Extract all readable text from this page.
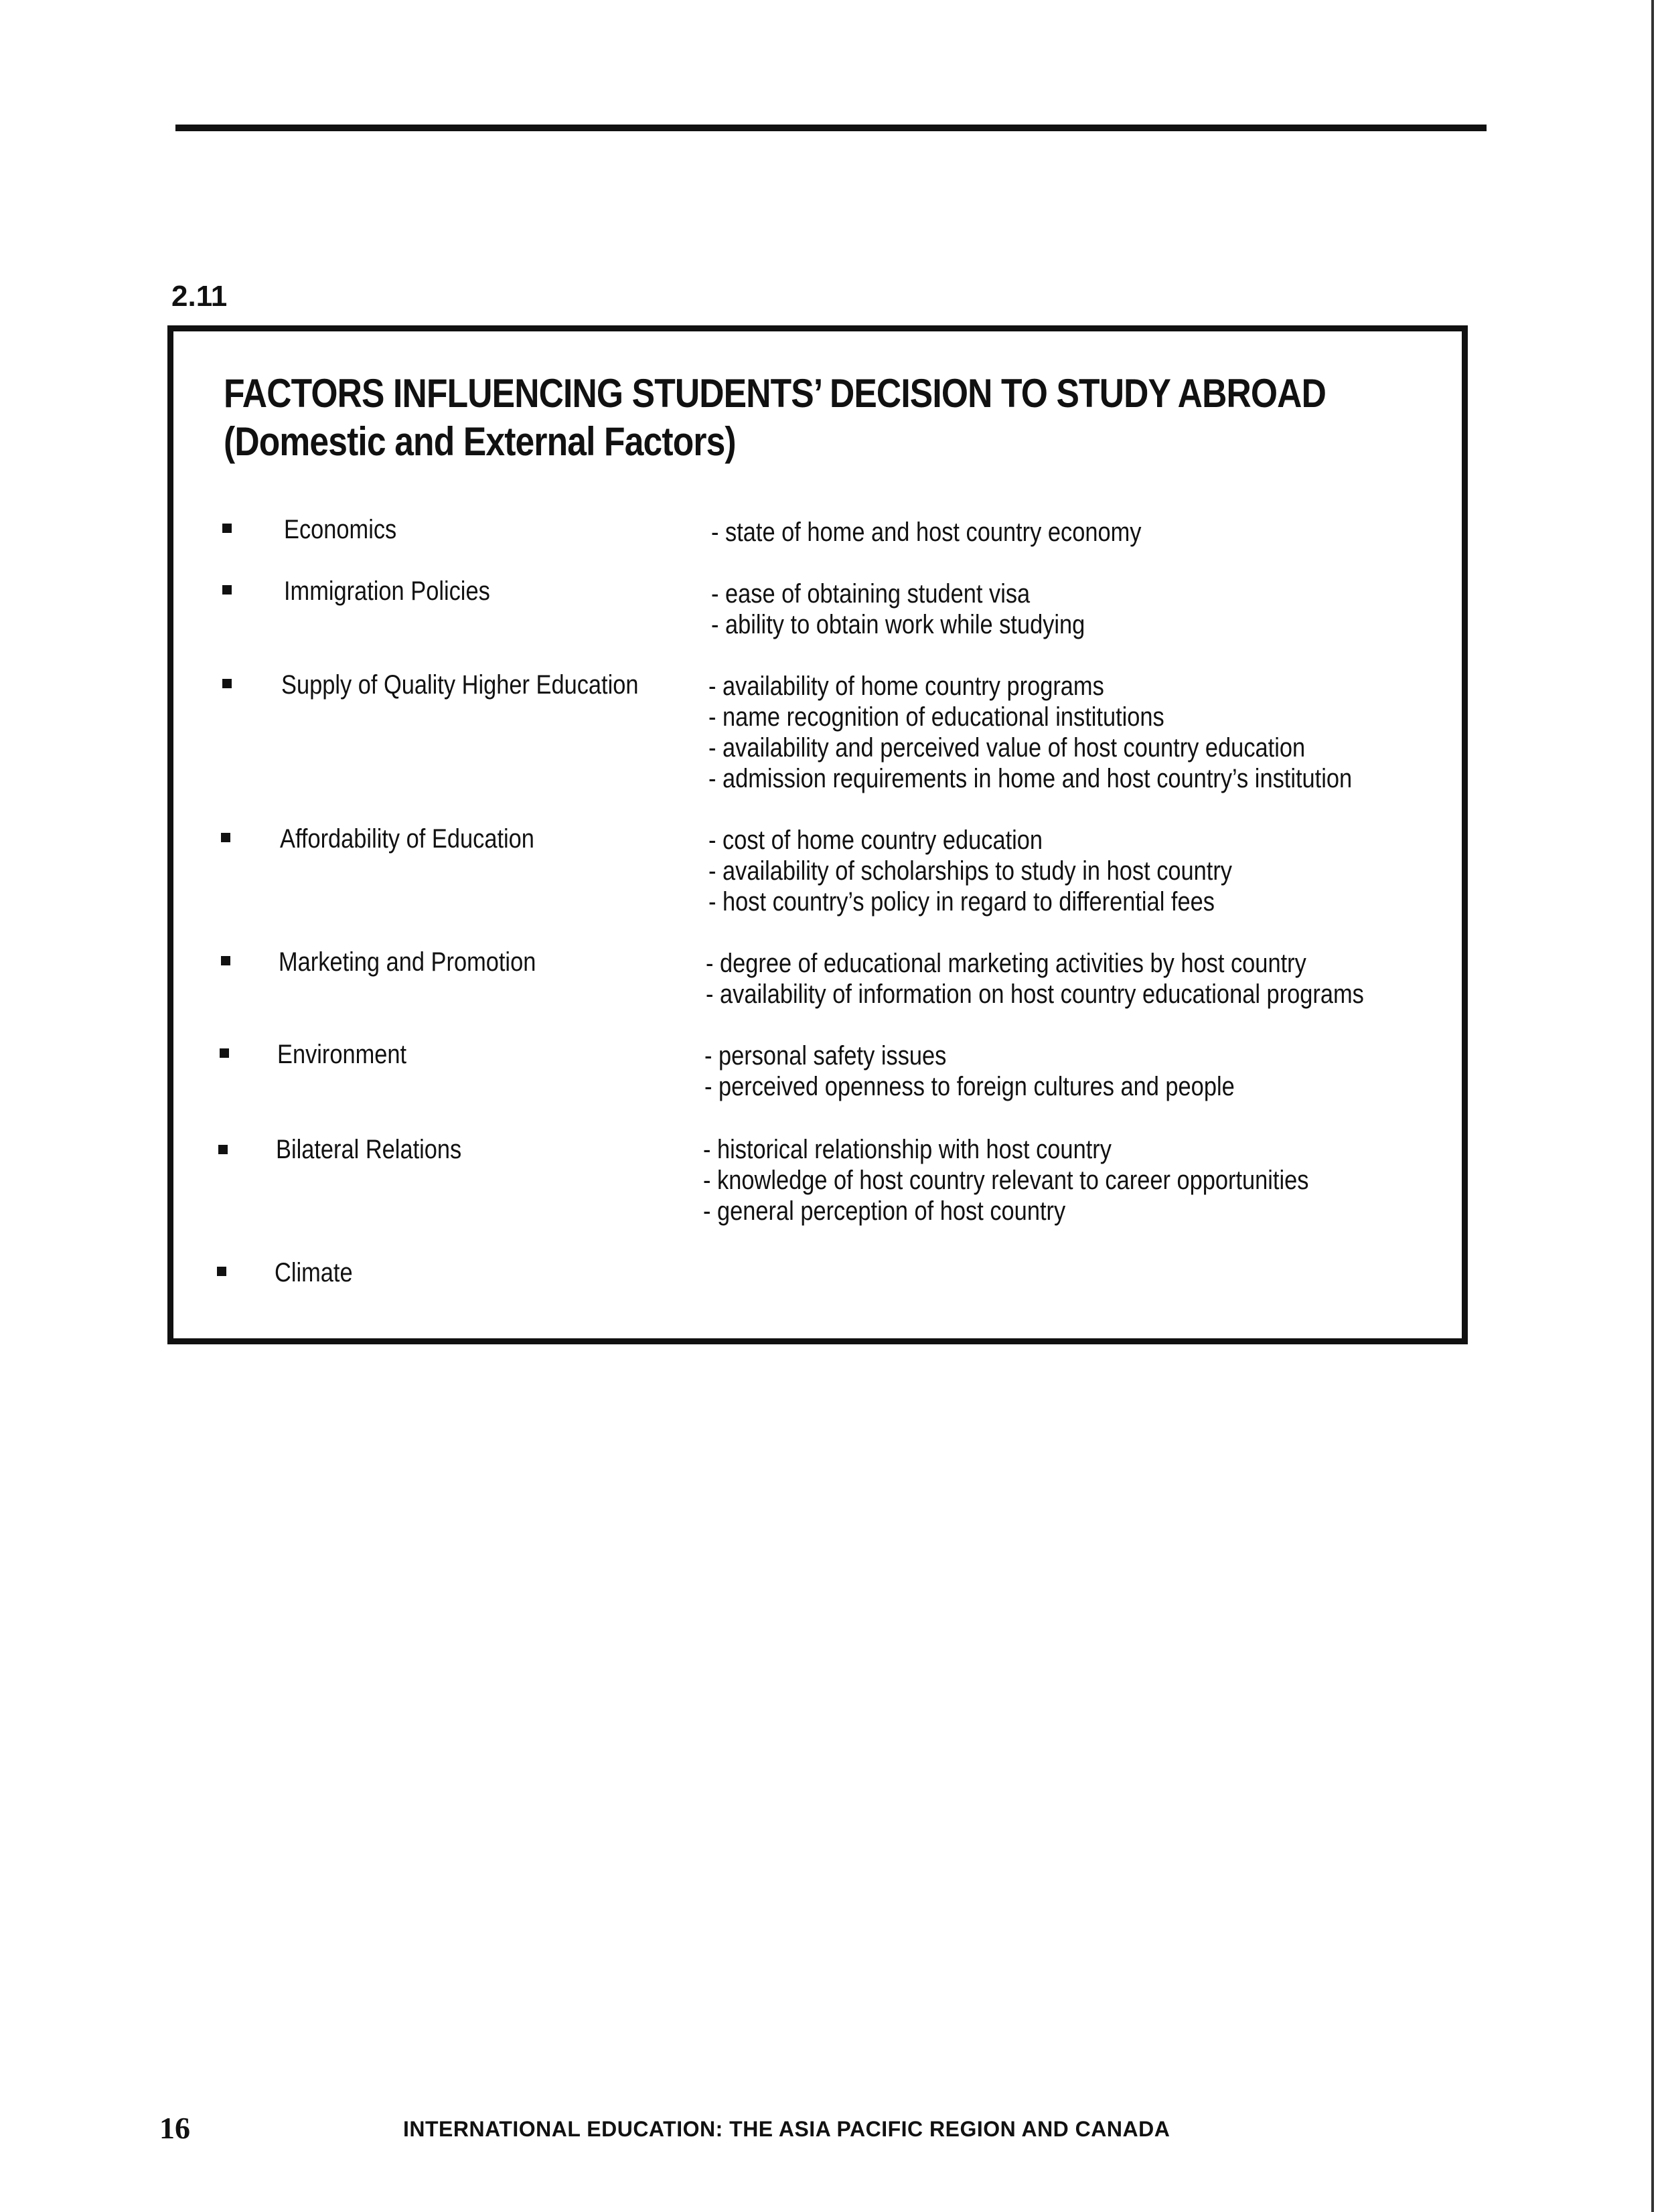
2.11
FACTORS INFLUENCING STUDENTS’ DECISION TO STUDY ABROAD
(Domestic and External Factors)
Economics	- state of home and host country economy
Immigration Policies	- ease of obtaining student visa
- ability to obtain work while studying
Supply of Quality Higher Education	- availability of home country programs
- name recognition of educational institutions
- availability and perceived value of host country education
- admission requirements in home and host country’s institution
Affordability of Education	- cost of home country education
- availability of scholarships to study in host country
- host country’s policy in regard to differential fees
Marketing and Promotion	- degree of educational marketing activities by host country
- availability of information on host country educational programs
Environment	- personal safety issues
- perceived openness to foreign cultures and people
Bilateral Relations	- historical relationship with host country
- knowledge of host country relevant to career opportunities
- general perception of host country
Climate
16	INTERNATIONAL EDUCATION: THE ASIA PACIFIC REGION AND CANADA
